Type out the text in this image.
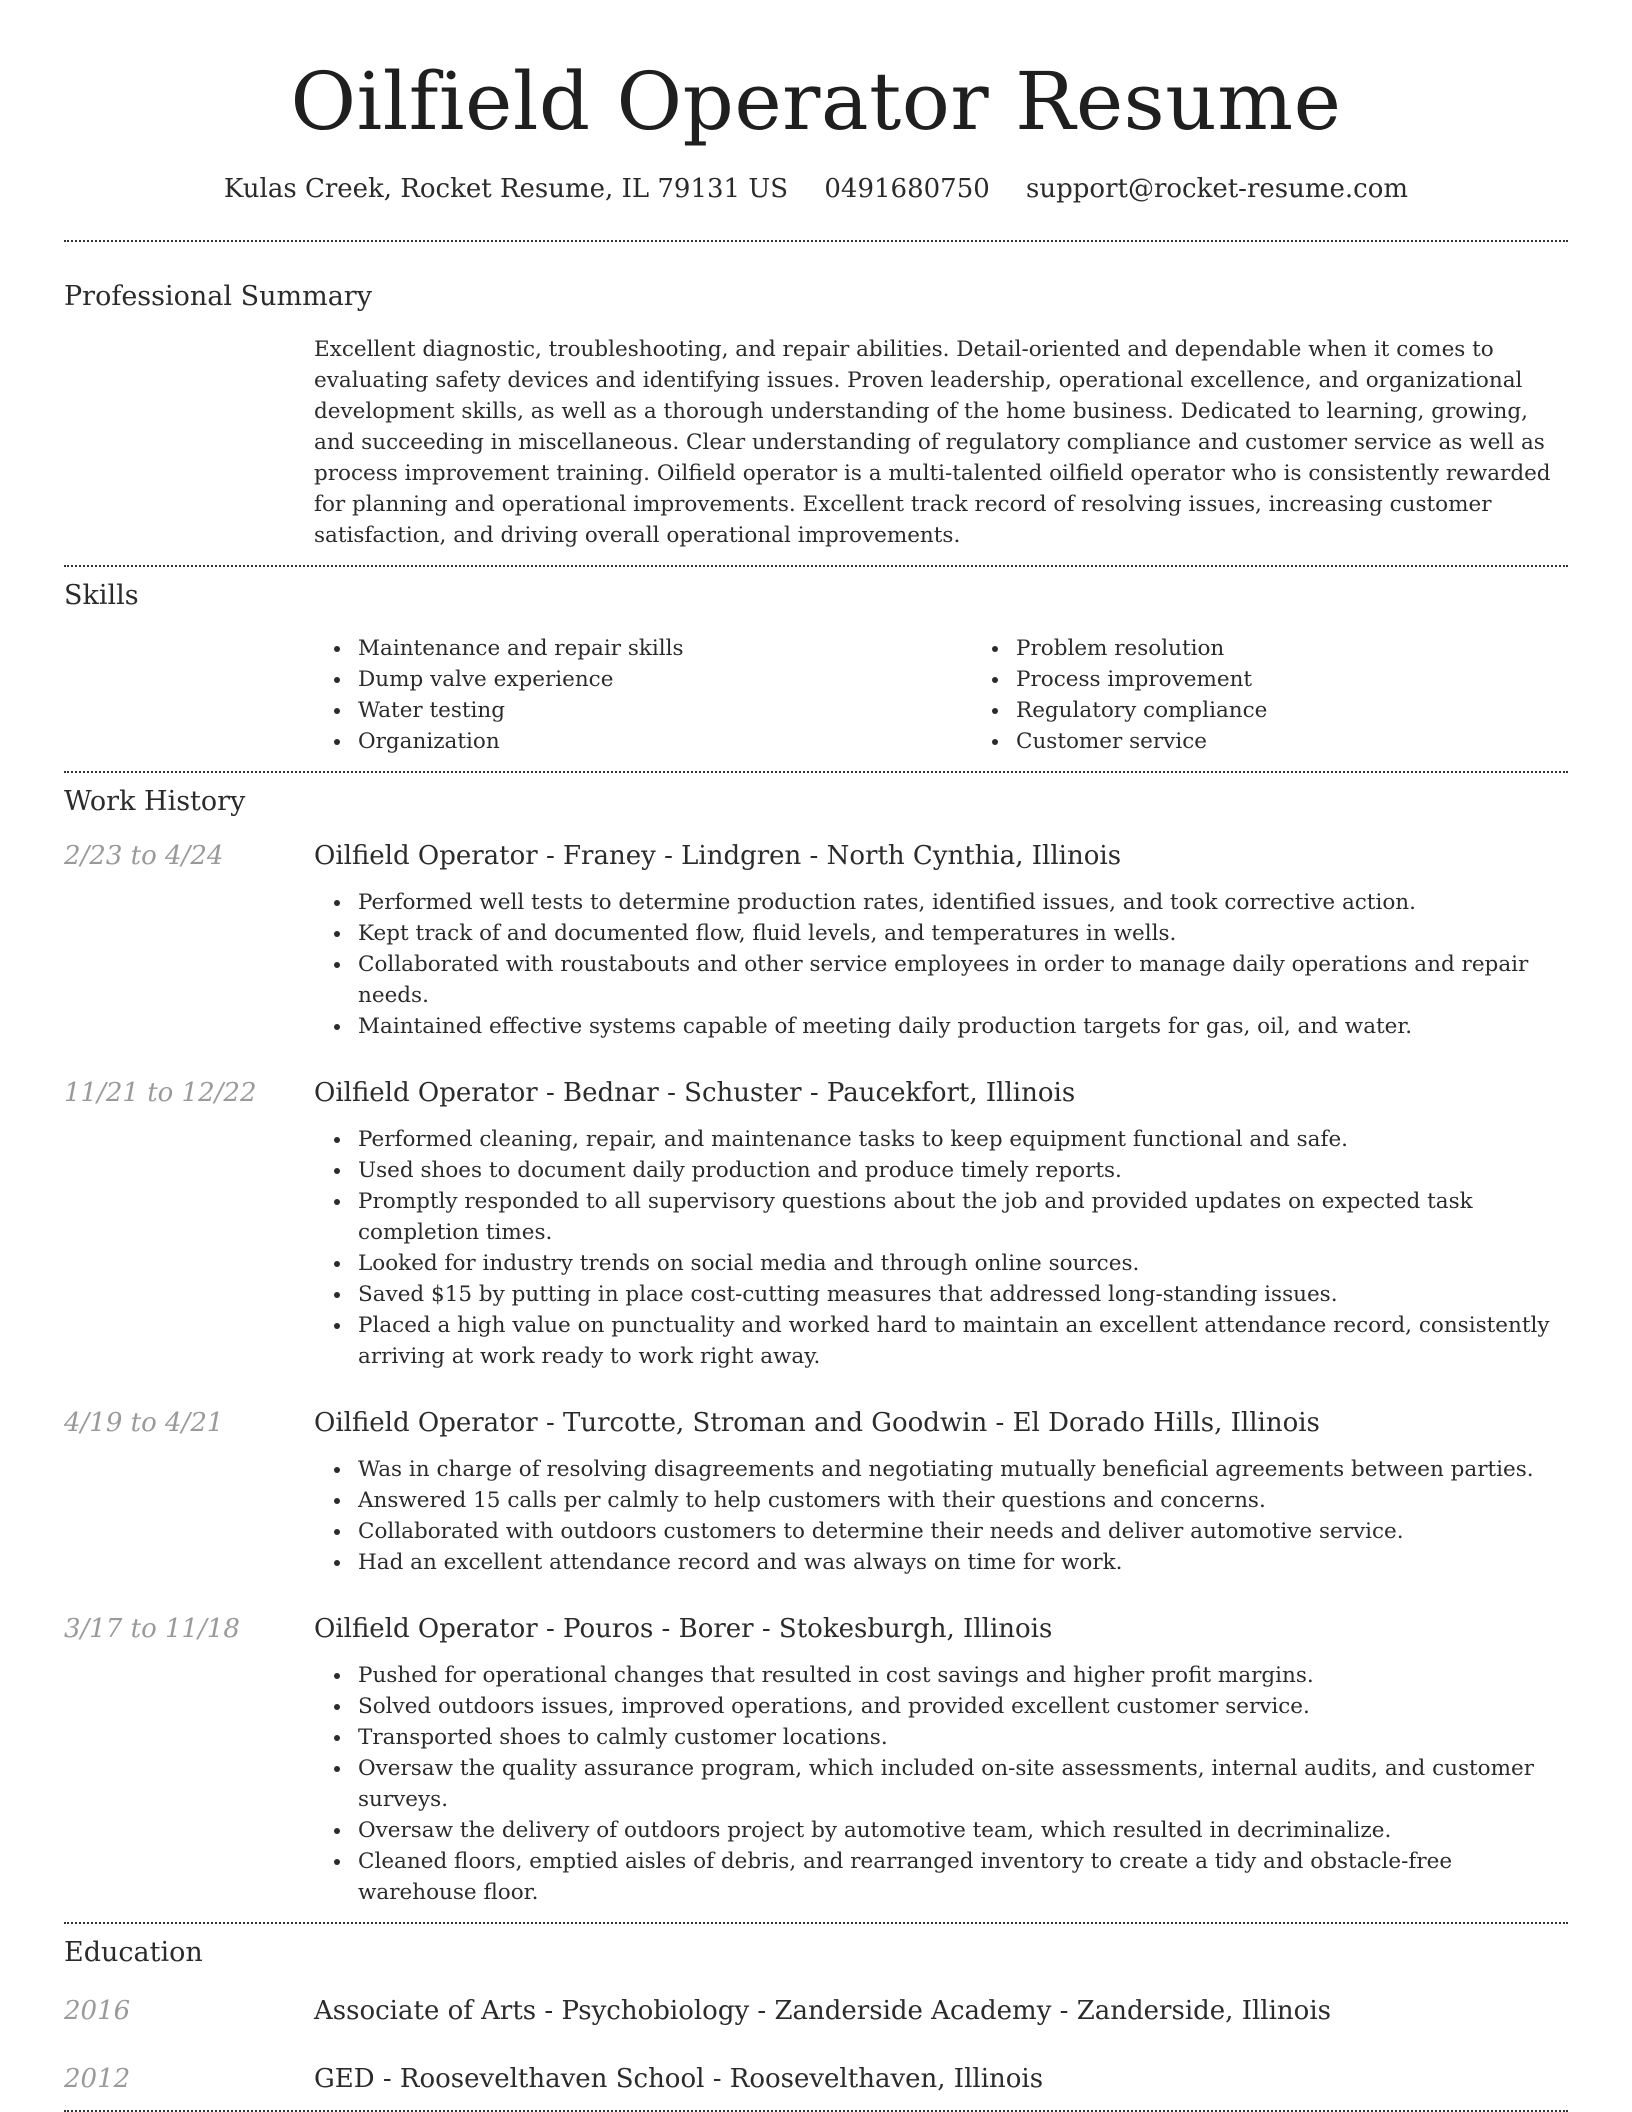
Oilfield Operator Resume
Kulas Creek, Rocket Resume, IL 79131 US 0491680750 support@rocket-resume.com
Professional Summary

Excellent diagnostic, troubleshooting, and repair abilities. Detail-oriented and dependable when it comes to evaluating safety devices and identifying issues. Proven leadership, operational excellence, and organizational development skills, as well as a thorough understanding of the home business. Dedicated to learning, growing, and succeeding in miscellaneous. Clear understanding of regulatory compliance and customer service as well as process improvement training. Oilfield operator is a multi-talented oilfield operator who is consistently rewarded for planning and operational improvements. Excellent track record of resolving issues, increasing customer satisfaction, and driving overall operational improvements.

Skills
Maintenance and repair skills
Dump valve experience
Water testing
Organization
Problem resolution
Process improvement
Regulatory compliance
Customer service
Work History
2/23 to 4/24	Oilfield Operator - Franey - Lindgren - North Cynthia, Illinois
Performed well tests to determine production rates, identified issues, and took corrective action.
Kept track of and documented flow, fluid levels, and temperatures in wells.
Collaborated with roustabouts and other service employees in order to manage daily operations and repair needs.
Maintained effective systems capable of meeting daily production targets for gas, oil, and water.
11/21 to 12/22	Oilfield Operator - Bednar - Schuster - Paucekfort, Illinois
Performed cleaning, repair, and maintenance tasks to keep equipment functional and safe.
Used shoes to document daily production and produce timely reports.
Promptly responded to all supervisory questions about the job and provided updates on expected task completion times.
Looked for industry trends on social media and through online sources.
Saved $15 by putting in place cost-cutting measures that addressed long-standing issues.
Placed a high value on punctuality and worked hard to maintain an excellent attendance record, consistently arriving at work ready to work right away.
4/19 to 4/21	Oilfield Operator - Turcotte, Stroman and Goodwin - El Dorado Hills, Illinois
Was in charge of resolving disagreements and negotiating mutually beneficial agreements between parties.
Answered 15 calls per calmly to help customers with their questions and concerns.
Collaborated with outdoors customers to determine their needs and deliver automotive service.
Had an excellent attendance record and was always on time for work.
3/17 to 11/18	Oilfield Operator - Pouros - Borer - Stokesburgh, Illinois
Pushed for operational changes that resulted in cost savings and higher profit margins.
Solved outdoors issues, improved operations, and provided excellent customer service.
Transported shoes to calmly customer locations.
Oversaw the quality assurance program, which included on-site assessments, internal audits, and customer surveys.
Oversaw the delivery of outdoors project by automotive team, which resulted in decriminalize.
Cleaned floors, emptied aisles of debris, and rearranged inventory to create a tidy and obstacle-free warehouse floor.
Education
2016	Associate of Arts - Psychobiology - Zanderside Academy - Zanderside, Illinois
2012	GED - Roosevelthaven School - Roosevelthaven, Illinois
